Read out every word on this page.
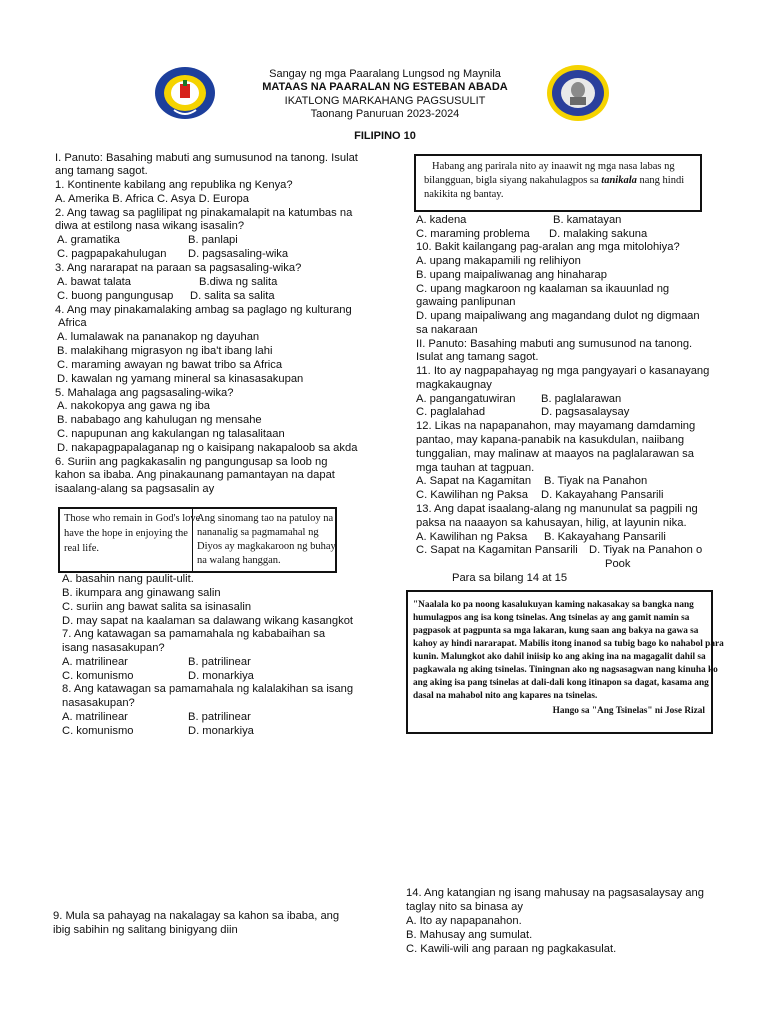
Sangay ng mga Paaralang Lungsod ng Maynila
MATAAS NA PAARALAN NG ESTEBAN ABADA
IKATLONG MARKAHANG PAGSUSULIT
Taonang Panuruan 2023-2024
FILIPINO 10
I. Panuto: Basahing mabuti ang sumusunod na tanong. Isulat
ang tamang sagot.
1. Kontinente kabilang ang republika ng Kenya?
A. Amerika B. Africa C. Asya D. Europa
2. Ang tawag sa paglilipat ng pinakamalapit na katumbas na
diwa at estilong nasa wikang isasalin?
A. gramatika	B. panlapi
C. pagpapakahulugan D. pagsasaling-wika
3. Ang nararapat na paraan sa pagsasaling-wika?
A. bawat talata	B.diwa ng salita
C. buong pangungusap D. salita sa salita
4. Ang may pinakamalaking ambag sa paglago ng kulturang
Africa
A. lumalawak na pananakop ng dayuhan
B. malakihang migrasyon ng iba't ibang lahi
C. maraming awayan ng bawat tribo sa Africa
D. kawalan ng yamang mineral sa kinasasakupan
5. Mahalaga ang pagsasaling-wika?
A. nakokopya ang gawa ng iba
B. nababago ang kahulugan ng mensahe
C. napupunan ang kakulangan ng talasalitaan
D. nakapagpapalaganap ng o kaisipang nakapaloob sa akda
6. Suriin ang pagkakasalin ng pangungusap sa loob ng
kahon sa ibaba. Ang pinakaunang pamantayan na dapat
isaalang-alang sa pagsasalin ay
Those who remain in God's love
have the hope in enjoying the
real life.
Ang sinomang tao na patuloy na
nananalig sa pagmamahal ng
Diyos ay magkakaroon ng buhay
na walang hanggan.
A. basahin nang paulit-ulit.
B. ikumpara ang ginawang salin
C. suriin ang bawat salita sa isinasalin
D. may sapat na kaalaman sa dalawang wikang kasangkot
7. Ang katawagan sa pamamahala ng kababaihan sa
isang nasasakupan?
A. matrilinear	B. patrilinear
C. komunismo	D. monarkiya
8. Ang katawagan sa pamamahala ng kalalakihan sa isang
nasasakupan?
A. matrilinear	B. patrilinear
C. komunismo	D. monarkiya
9. Mula sa pahayag na nakalagay sa kahon sa ibaba, ang
ibig sabihin ng salitang binigyang diin
Habang ang parirala nito ay inaawit ng mga nasa labas ng
bilangguan, bigla siyang nakahulagpos sa tanikala nang hindi
nakikita ng bantay.
A. kadena	B. kamatayan
C. maraming problema D. malaking sakuna
10. Bakit kailangang pag-aralan ang mga mitolohiya?
A. upang makapamili ng relihiyon
B. upang maipaliwanag ang hinaharap
C. upang magkaroon ng kaalaman sa ikauunlad ng
gawaing panlipunan
D. upang maipaliwang ang magandang dulot ng digmaan
sa nakaraan
II. Panuto: Basahing mabuti ang sumusunod na tanong.
Isulat ang tamang sagot.
11. Ito ay nagpapahayag ng mga pangyayari o kasanayang
magkakaugnay
A. pangangatuwiran B. paglalarawan
C. paglalahad	D. pagsasalaysay
12. Likas na napapanahon, may mayamang damdaming
pantao, may kapana-panabik na kasukdulan, naiibang
tunggalian, may malinaw at maayos na paglalarawan sa
mga tauhan at tagpuan.
A. Sapat na Kagamitan B. Tiyak na Panahon
C. Kawilihan ng Paksa D. Kakayahang Pansarili
13. Ang dapat isaalang-alang ng manunulat sa pagpili ng
paksa na naaayon sa kahusayan, hilig, at layunin nika.
A. Kawilihan ng Paksa B. Kakayahang Pansarili
C. Sapat na Kagamitan Pansarili D. Tiyak na Panahon o
Pook
Para sa bilang 14 at 15
"Naalala ko pa noong kasalukuyan kaming nakasakay sa bangka nang
humulagpos ang isa kong tsinelas. Ang tsinelas ay ang gamit namin sa
pagpasok at pagpunta sa mga lakaran, kung saan ang bakya na gawa sa
kahoy ay hindi nararapat. Mabilis itong inanod sa tubig bago ko nahabol para
kunin. Malungkot ako dahil iniisip ko ang aking ina na magagalit dahil sa
pagkawala ng aking tsinelas. Tiningnan ako ng nagsasagwan nang kinuha ko
ang aking isa pang tsinelas at dali-dali kong itinapon sa dagat, kasama ang
dasal na mahabol nito ang kapares na tsinelas.
Hango sa "Ang Tsinelas" ni Jose Rizal
14. Ang katangian ng isang mahusay na pagsasalaysay ang
taglay nito sa binasa ay
A. Ito ay napapanahon.
B. Mahusay ang sumulat.
C. Kawili-wili ang paraan ng pagkakasulat.
